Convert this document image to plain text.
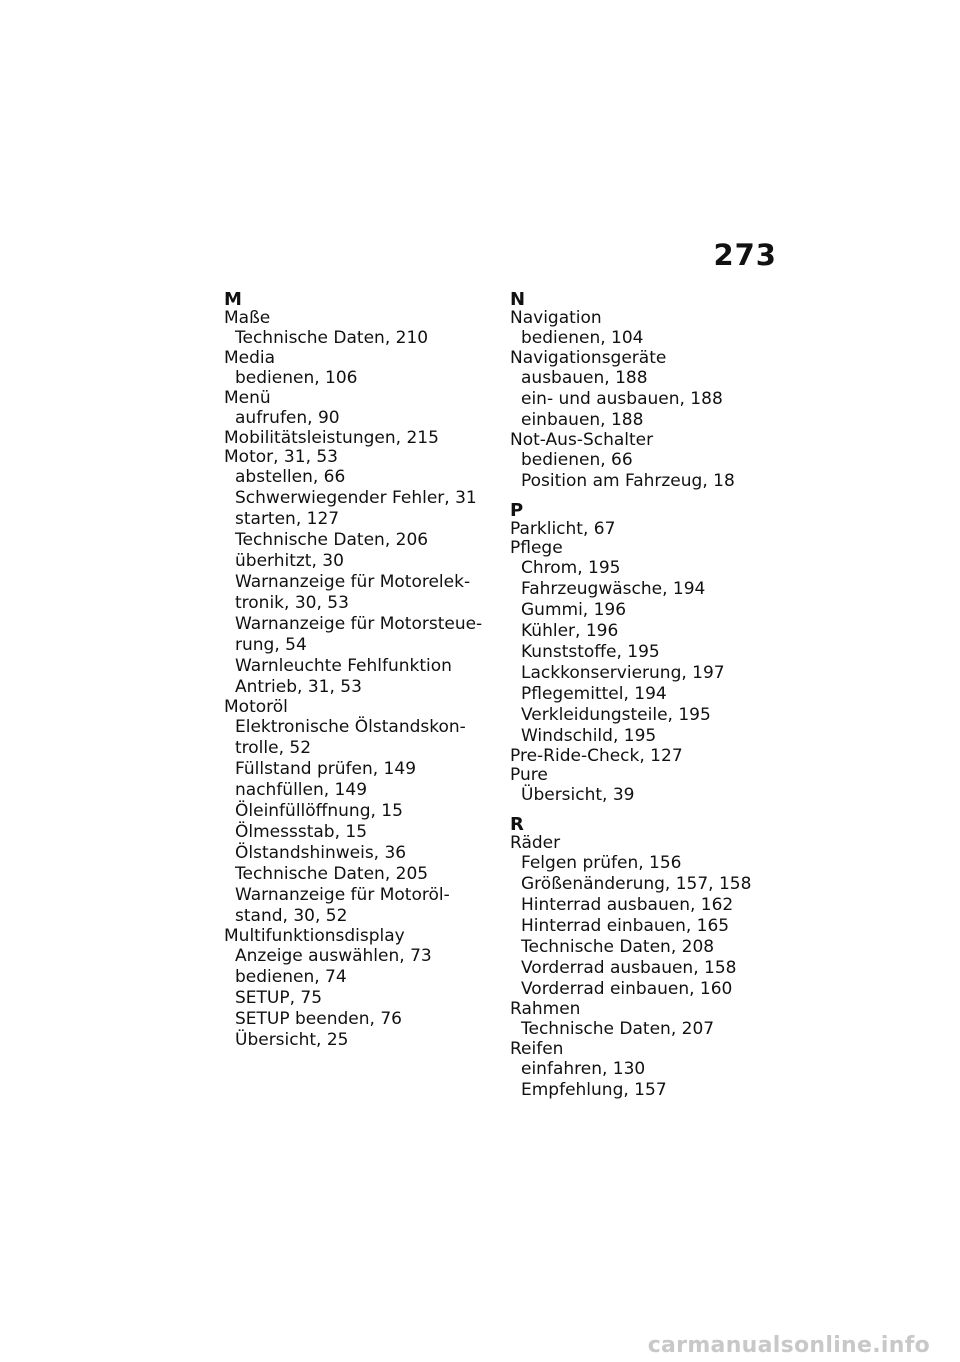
273
M
Maße
Technische Daten, 210
Media
bedienen, 106
Menü
aufrufen, 90
Mobilitätsleistungen, 215
Motor, 31, 53
abstellen, 66
Schwerwiegender Fehler, 31
starten, 127
Technische Daten, 206
überhitzt, 30
Warnanzeige für Motorelek-
tronik, 30, 53
Warnanzeige für Motorsteue-
rung, 54
Warnleuchte Fehlfunktion
Antrieb, 31, 53
Motoröl
Elektronische Ölstandskon-
trolle, 52
Füllstand prüfen, 149
nachfüllen, 149
Öleinfüllöffnung, 15
Ölmessstab, 15
Ölstandshinweis, 36
Technische Daten, 205
Warnanzeige für Motoröl-
stand, 30, 52
Multifunktionsdisplay
Anzeige auswählen, 73
bedienen, 74
SETUP, 75
SETUP beenden, 76
Übersicht, 25
N
Navigation
bedienen, 104
Navigationsgeräte
ausbauen, 188
ein- und ausbauen, 188
einbauen, 188
Not-Aus-Schalter
bedienen, 66
Position am Fahrzeug, 18
P
Parklicht, 67
Pflege
Chrom, 195
Fahrzeugwäsche, 194
Gummi, 196
Kühler, 196
Kunststoffe, 195
Lackkonservierung, 197
Pflegemittel, 194
Verkleidungsteile, 195
Windschild, 195
Pre-Ride-Check, 127
Pure
Übersicht, 39
R
Räder
Felgen prüfen, 156
Größenänderung, 157, 158
Hinterrad ausbauen, 162
Hinterrad einbauen, 165
Technische Daten, 208
Vorderrad ausbauen, 158
Vorderrad einbauen, 160
Rahmen
Technische Daten, 207
Reifen
einfahren, 130
Empfehlung, 157
carmanualsonline.info
